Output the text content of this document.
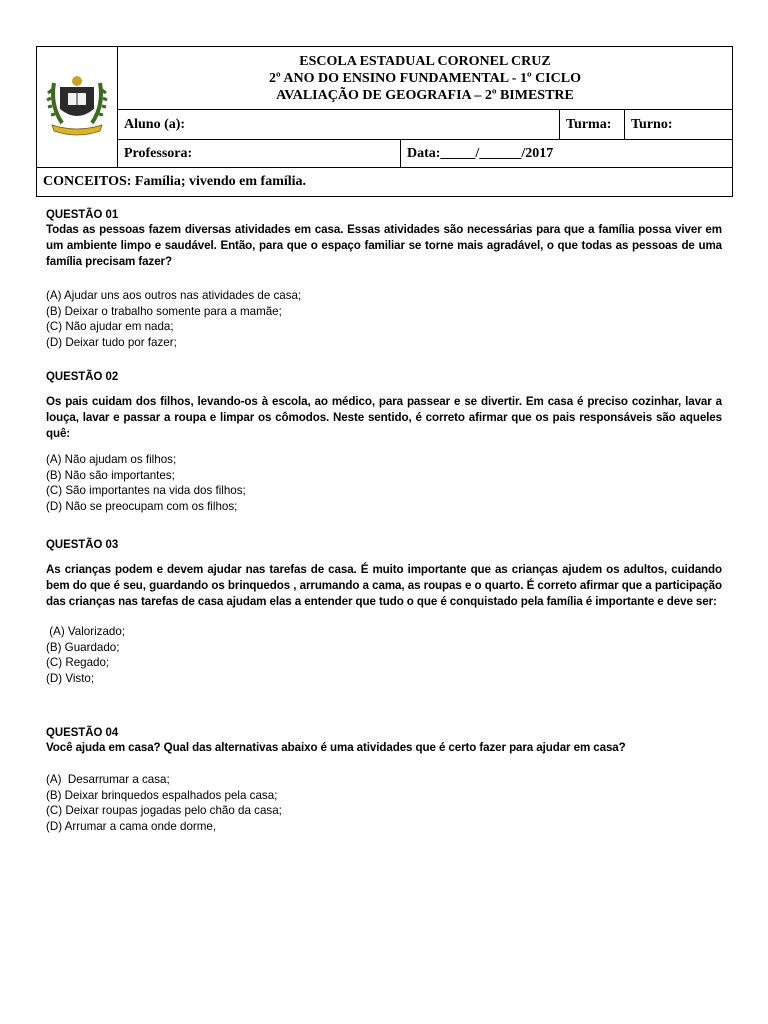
ESCOLA ESTADUAL CORONEL CRUZ
2º ANO DO ENSINO FUNDAMENTAL - 1º CICLO
AVALIAÇÃO DE GEOGRAFIA – 2º BIMESTRE			

	Aluno (a):		Turma:	Turno:
	Professora:	Data:_____/______/2017		
CONCEITOS: Família; vivendo em família.				
QUESTÃO 01
Todas as pessoas fazem diversas atividades em casa. Essas atividades são necessárias para que a família possa viver em um ambiente limpo e saudável. Então, para que o espaço familiar se torne mais agradável, o que todas as pessoas de uma família precisam fazer?
(A) Ajudar uns aos outros nas atividades de casa;
(B) Deixar o trabalho somente para a mamãe;
(C) Não ajudar em nada;
(D) Deixar tudo por fazer;
QUESTÃO 02
Os pais cuidam dos filhos, levando-os à escola, ao médico, para passear e se divertir. Em casa é preciso cozinhar, lavar a louça, lavar e passar a roupa e limpar os cômodos. Neste sentido, é correto afirmar que os pais responsáveis são aqueles quê:
(A) Não ajudam os filhos;
(B) Não são importantes;
(C) São importantes na vida dos filhos;
(D) Não se preocupam com os filhos;
QUESTÃO 03
As crianças podem e devem ajudar nas tarefas de casa. É muito importante que as crianças ajudem os adultos, cuidando bem do que é seu, guardando os brinquedos , arrumando a cama, as roupas e o quarto. É correto afirmar que a participação das crianças nas tarefas de casa ajudam elas a entender que tudo o que é conquistado pela família é importante e deve ser:
(A) Valorizado;
(B) Guardado;
(C) Regado;
(D) Visto;
QUESTÃO 04
Você ajuda em casa? Qual das alternativas abaixo é uma atividades que é certo fazer para ajudar em casa?
(A)  Desarrumar a casa;
(B) Deixar brinquedos espalhados pela casa;
(C) Deixar roupas jogadas pelo chão da casa;
(D) Arrumar a cama onde dorme,
